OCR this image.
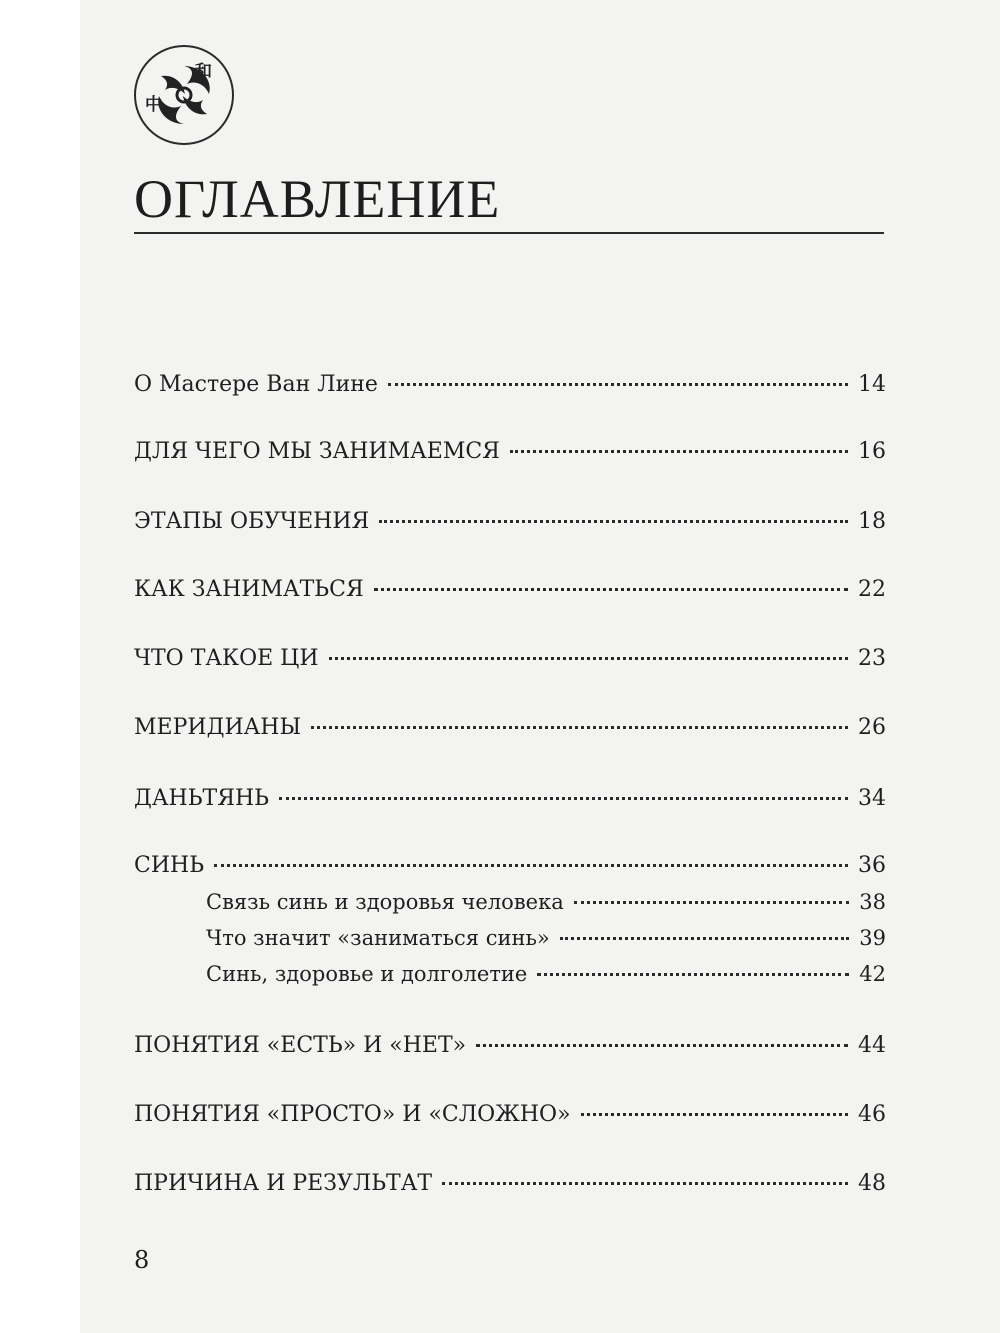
和
中
ОГЛАВЛЕНИЕ
О Мастере Ван Лине	14
ДЛЯ ЧЕГО МЫ ЗАНИМАЕМСЯ	16
ЭТАПЫ ОБУЧЕНИЯ	18
КАК ЗАНИМАТЬСЯ	22
ЧТО ТАКОЕ ЦИ	23
МЕРИДИАНЫ	26
ДАНЬТЯНЬ	34
СИНЬ	36
Связь синь и здоровья человека	38
Что значит «заниматься синь»	39
Синь, здоровье и долголетие	42
ПОНЯТИЯ «ЕСТЬ» И «НЕТ»	44
ПОНЯТИЯ «ПРОСТО» И «СЛОЖНО»	46
ПРИЧИНА И РЕЗУЛЬТАТ	48
8
